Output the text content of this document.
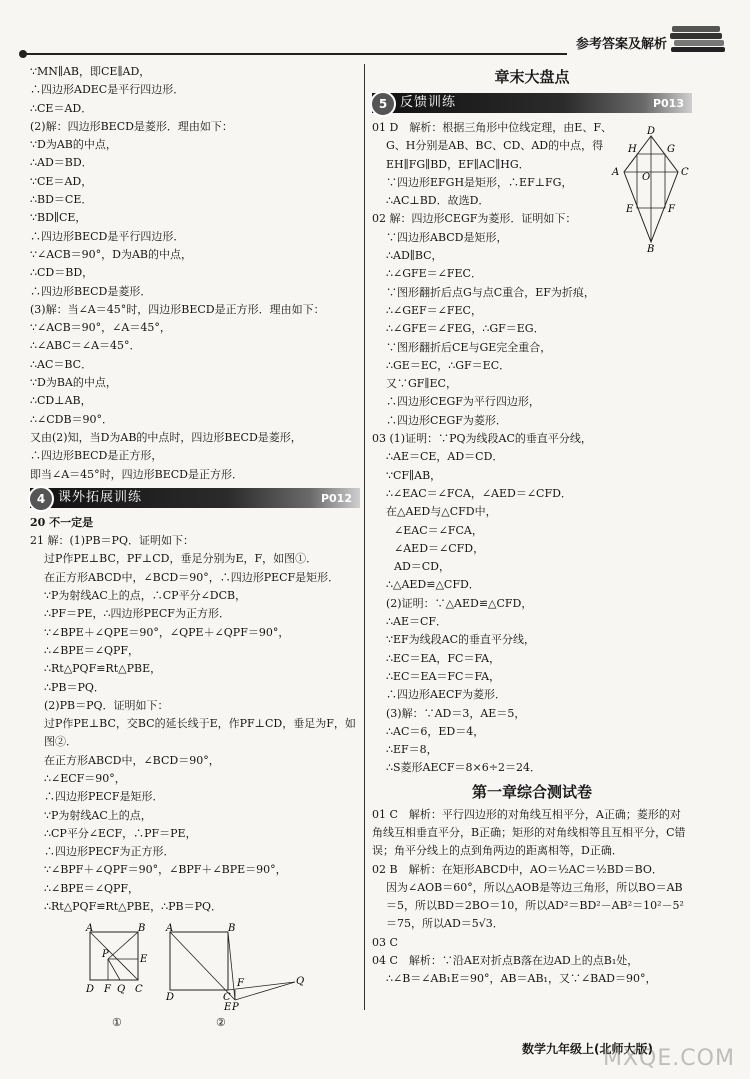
参考答案及解析

∵MN∥AB，即CE∥AD，

∴四边形ADEC是平行四边形．

∴CE＝AD．

(2)解：四边形BECD是菱形．理由如下：

∵D为AB的中点，

∴AD＝BD．

∵CE＝AD，

∴BD＝CE．

∵BD∥CE，

∴四边形BECD是平行四边形．

∵∠ACB＝90°，D为AB的中点，

∴CD＝BD，

∴四边形BECD是菱形．

(3)解：当∠A＝45°时，四边形BECD是正方形．理由如下：

∵∠ACB＝90°，∠A＝45°，

∴∠ABC＝∠A＝45°．

∴AC＝BC．

∵D为BA的中点，

∴CD⊥AB，

∴∠CDB＝90°．

又由(2)知，当D为AB的中点时，四边形BECD是菱形，

∴四边形BECD是正方形，

即当∠A＝45°时，四边形BECD是正方形．

4 课外拓展训练	P012

20 不一定是

21 解：(1)PB＝PQ．证明如下：

过P作PE⊥BC，PF⊥CD，垂足分别为E，F，如图①．

在正方形ABCD中，∠BCD＝90°，∴四边形PECF是矩形．

∵P为射线AC上的点，∴CP平分∠DCB，

∴PF＝PE，∴四边形PECF为正方形．

∵∠BPE＋∠QPE＝90°，∠QPE＋∠QPF＝90°，

∴∠BPE＝∠QPF，

∴Rt△PQF≌Rt△PBE，

∴PB＝PQ．

(2)PB＝PQ．证明如下：

过P作PE⊥BC，交BC的延长线于E，作PF⊥CD，垂足为F，如图②．

在正方形ABCD中，∠BCD＝90°，

∴∠ECF＝90°，

∴四边形PECF是矩形．

∵P为射线AC上的点，

∴CP平分∠ECF，∴PF＝PE，

∴四边形PECF为正方形．

∵∠BPF＋∠QPF＝90°，∠BPF＋∠BPE＝90°，

∴∠BPE＝∠QPF，

∴Rt△PQF≌Rt△PBE，∴PB＝PQ．

A	B
P	E
D F Q C
A	B
D
F	Q
C
E P
①	②
章末大盘点
5 反馈训练	P013

01 D　解析：根据三角形中位线定理，由E、F、

G、H分别是AB、BC、CD、AD的中点，得

EH∥FG∥BD，EF∥AC∥HG．

∵四边形EFGH是矩形，∴EF⊥FG，

∴AC⊥BD．故选D．

02 解：四边形CEGF为菱形．证明如下：

∵四边形ABCD是矩形，

∴AD∥BC，

∴∠GFE＝∠FEC．

∵图形翻折后点G与点C重合，EF为折痕，

∴∠GEF＝∠FEC，

∴∠GFE＝∠FEG，∴GF＝EG．

∵图形翻折后CE与GE完全重合，

∴GE＝EC，∴GF＝EC．

又∵GF∥EC，

∴四边形CEGF为平行四边形，

∴四边形CEGF为菱形．

03 (1)证明：∵PQ为线段AC的垂直平分线，

∴AE＝CE，AD＝CD．

∵CF∥AB，

∴∠EAC＝∠FCA，∠AED＝∠CFD．

在△AED与△CFD中，

∠EAC＝∠FCA，

∠AED＝∠CFD，

AD＝CD，

∴△AED≌△CFD．

(2)证明：∵△AED≌△CFD，

∴AE＝CF．

∵EF为线段AC的垂直平分线，

∴EC＝EA，FC＝FA，

∴EC＝EA＝FC＝FA，

∴四边形AECF为菱形．

(3)解：∵AD＝3，AE＝5，

∴AC＝6，ED＝4，

∴EF＝8，

∴S菱形AECF＝8×6÷2＝24．

第一章综合测试卷

01 C　解析：平行四边形的对角线互相平分，A正确；菱形的对角线互相垂直平分，B正确；矩形的对角线相等且互相平分，C错误；角平分线上的点到角两边的距离相等，D正确．

02 B　解析：在矩形ABCD中，AO＝½AC＝½BD＝BO．

因为∠AOB＝60°，所以△AOB是等边三角形，所以BO＝AB＝5，所以BD＝2BO＝10，所以AD²＝BD²－AB²＝10²－5²＝75，所以AD＝5√3．

03 C

04 C　解析：∵沿AE对折点B落在边AD上的点B₁处，

∴∠B＝∠AB₁E＝90°，AB＝AB₁，又∵∠BAD＝90°，

D
H	G
A O	C
E	F
B
数学九年级上(北师大版)
MXQE.COM
